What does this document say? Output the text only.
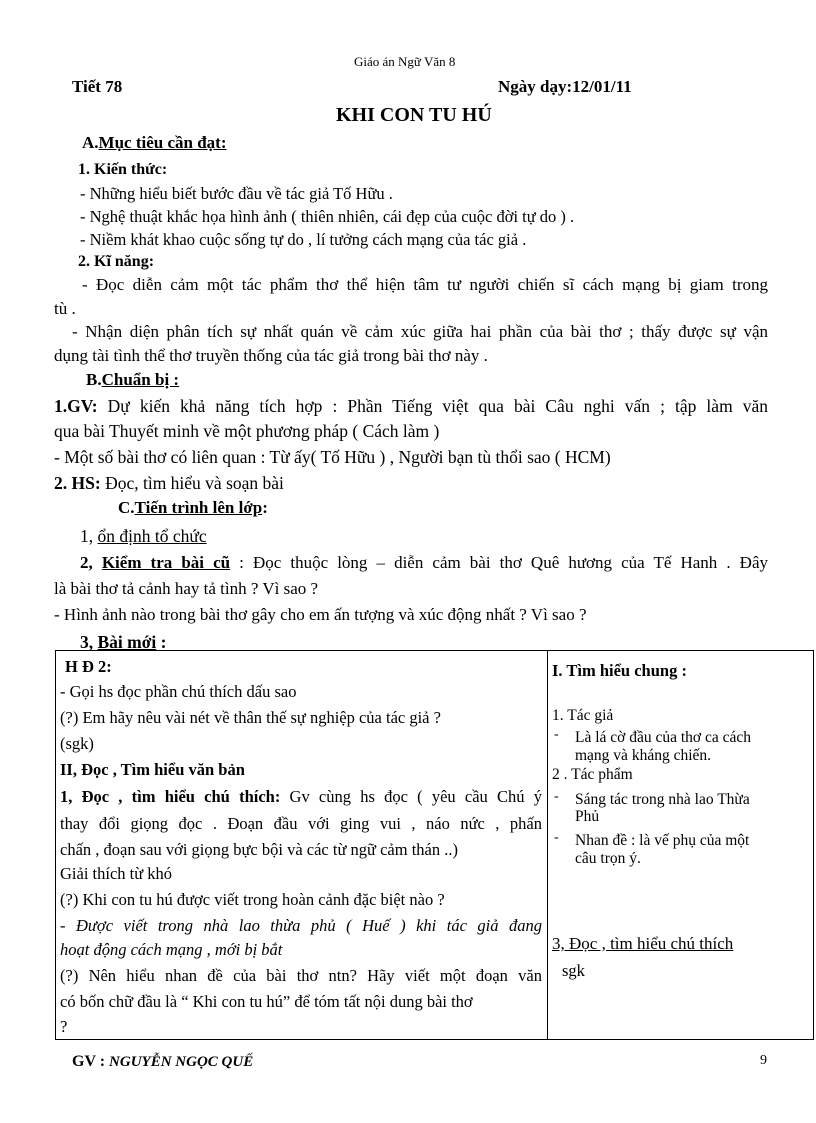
Giáo án Ngữ Văn 8
Tiết 78	Ngày dạy:12/01/11
KHI CON TU HÚ
A.Mục tiêu cần đạt:
1. Kiến thức:
- Những hiểu biết bước đầu về tác giả Tố Hữu .
- Nghệ thuật khắc họa hình ảnh ( thiên nhiên, cái đẹp của cuộc đời tự do ) .
- Niềm khát khao cuộc sống tự do , lí tưởng cách mạng của tác giả .
2. Kĩ năng:
- Đọc diễn cảm một tác phẩm thơ thể hiện tâm tư người chiến sĩ cách mạng bị giam trong
tù .
- Nhận diện phân tích sự nhất quán về cảm xúc giữa hai phần của bài thơ ; thấy được sự vận
dụng tài tình thể thơ truyền thống của tác giả trong bài thơ này .
B.Chuẩn bị :
1.GV: Dự kiến khả năng tích hợp : Phần Tiếng việt qua bài Câu nghi vấn ; tập làm văn
qua bài Thuyết minh về một phương pháp ( Cách làm )
- Một số bài thơ có liên quan : Từ ấy( Tố Hữu ) , Người bạn tù thổi sao ( HCM)
2. HS: Đọc, tìm hiểu và soạn bài
C.Tiến trình lên lớp:
1, ổn định tổ chức
2, Kiểm tra bài cũ : Đọc thuộc lòng – diễn cảm bài thơ Quê hương của Tế Hanh . Đây
là bài thơ tả cảnh hay tả tình ? Vì sao ?
- Hình ảnh nào trong bài thơ gây cho em ấn tượng và xúc động nhất ? Vì sao ?
3, Bài mới :
H Đ 2:
- Gọi hs đọc phần chú thích dấu sao
(?) Em hãy nêu vài nét về thân thế sự nghiệp của tác giả ?
(sgk)
II, Đọc , Tìm hiểu văn bản
1, Đọc , tìm hiểu chú thích: Gv cùng hs đọc ( yêu cầu Chú ý
thay đổi giọng đọc . Đoạn đầu với ging vui , náo nức , phấn
chấn , đoạn sau với giọng bực bội và các từ ngữ cảm thán ..)
Giải thích từ khó
(?) Khi con tu hú được viết trong hoàn cảnh đặc biệt nào ?
- Được viết trong nhà lao thừa phủ ( Huế ) khi tác giả đang
hoạt động cách mạng , mới bị bắt
(?) Nên hiểu nhan đề của bài thơ ntn? Hãy viết một đoạn văn
có bốn chữ đầu là “ Khi con tu hú” để tóm tất nội dung bài thơ
?

I. Tìm hiểu chung :
1. Tác giả
- Là lá cờ đầu của thơ ca cách
mạng và kháng chiến.
2 . Tác phẩm
- Sáng tác trong nhà lao Thừa
Phủ
- Nhan đề : là vế phụ của một
câu trọn ý.
3, Đọc , tìm hiểu chú thích
sgk
GV : NGUYỄN NGỌC QUẾ	9
